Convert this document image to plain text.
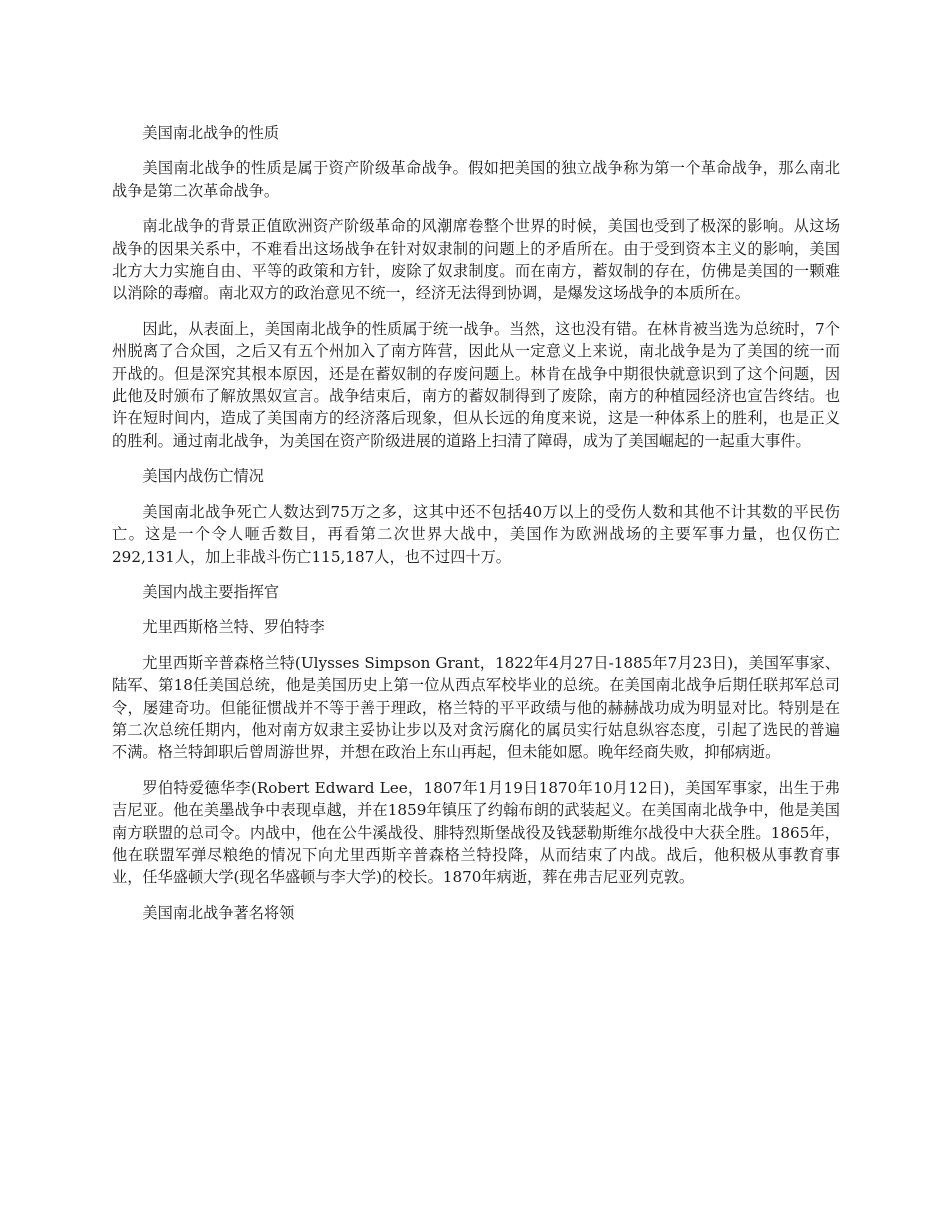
美国南北战争的性质

美国南北战争的性质是属于资产阶级革命战争。假如把美国的独立战争称为第一个革命战争，那么南北战争是第二次革命战争。

南北战争的背景正值欧洲资产阶级革命的风潮席卷整个世界的时候，美国也受到了极深的影响。从这场战争的因果关系中，不难看出这场战争在针对奴隶制的问题上的矛盾所在。由于受到资本主义的影响，美国北方大力实施自由、平等的政策和方针，废除了奴隶制度。而在南方，蓄奴制的存在，仿佛是美国的一颗难以消除的毒瘤。南北双方的政治意见不统一，经济无法得到协调，是爆发这场战争的本质所在。

因此，从表面上，美国南北战争的性质属于统一战争。当然，这也没有错。在林肯被当选为总统时，7个州脱离了合众国，之后又有五个州加入了南方阵营，因此从一定意义上来说，南北战争是为了美国的统一而开战的。但是深究其根本原因，还是在蓄奴制的存废问题上。林肯在战争中期很快就意识到了这个问题，因此他及时颁布了解放黑奴宣言。战争结束后，南方的蓄奴制得到了废除，南方的种植园经济也宣告终结。也许在短时间内，造成了美国南方的经济落后现象，但从长远的角度来说，这是一种体系上的胜利，也是正义的胜利。通过南北战争，为美国在资产阶级进展的道路上扫清了障碍，成为了美国崛起的一起重大事件。

美国内战伤亡情况

美国南北战争死亡人数达到75万之多，这其中还不包括40万以上的受伤人数和其他不计其数的平民伤亡。这是一个令人咂舌数目，再看第二次世界大战中，美国作为欧洲战场的主要军事力量，也仅伤亡292,131人，加上非战斗伤亡115,187人，也不过四十万。

美国内战主要指挥官

尤里西斯格兰特、罗伯特李

尤里西斯辛普森格兰特(Ulysses Simpson Grant，1822年4月27日-1885年7月23日)，美国军事家、陆军、第18任美国总统，他是美国历史上第一位从西点军校毕业的总统。在美国南北战争后期任联邦军总司令，屡建奇功。但能征惯战并不等于善于理政，格兰特的平平政绩与他的赫赫战功成为明显对比。特别是在第二次总统任期内，他对南方奴隶主妥协让步以及对贪污腐化的属员实行姑息纵容态度，引起了选民的普遍不满。格兰特卸职后曾周游世界，并想在政治上东山再起，但未能如愿。晚年经商失败，抑郁病逝。

罗伯特爱德华李(Robert Edward Lee，1807年1月19日1870年10月12日)，美国军事家，出生于弗吉尼亚。他在美墨战争中表现卓越，并在1859年镇压了约翰布朗的武装起义。在美国南北战争中，他是美国南方联盟的总司令。内战中，他在公牛溪战役、腓特烈斯堡战役及钱瑟勒斯维尔战役中大获全胜。1865年，他在联盟军弹尽粮绝的情况下向尤里西斯辛普森格兰特投降，从而结束了内战。战后，他积极从事教育事业，任华盛顿大学(现名华盛顿与李大学)的校长。1870年病逝，葬在弗吉尼亚列克敦。

美国南北战争著名将领
